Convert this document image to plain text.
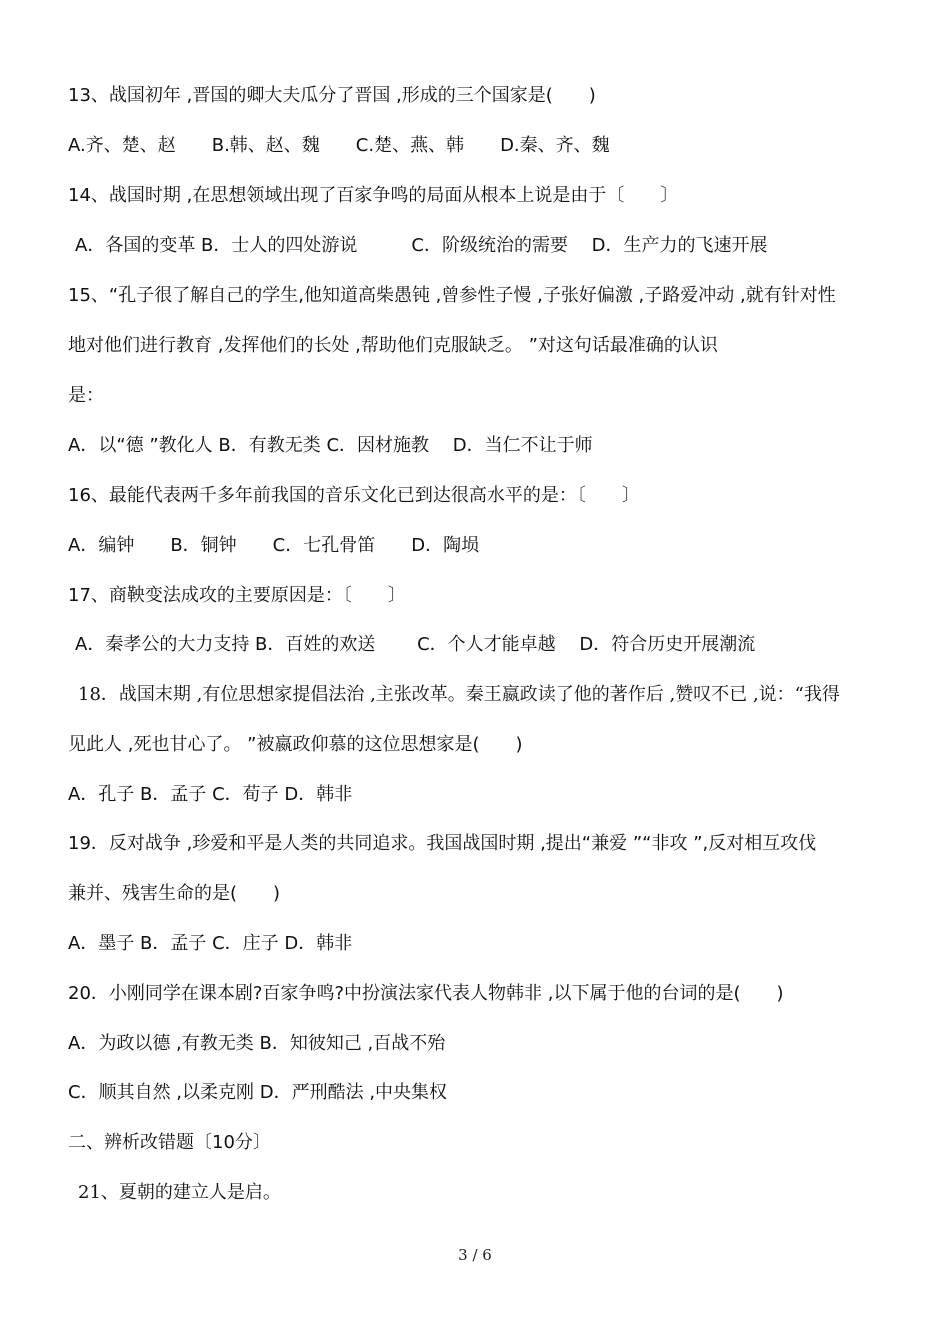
13、战国初年 ,晋国的卿大夫瓜分了晋国 ,形成的三个国家是(　　)
A.齐、楚、赵　　B.韩、赵、魏　　C.楚、燕、韩　　D.秦、齐、魏
14、战国时期 ,在思想领域出现了百家争鸣的局面从根本上说是由于〔　　〕
A．各国的变革 B．士人的四处游说　　　C．阶级统治的需要　 D．生产力的飞速开展
15、“孔子很了解自己的学生,他知道高柴愚钝 ,曾参性子慢 ,子张好偏激 ,子路爱冲动 ,就有针对性
地对他们进行教育 ,发挥他们的长处 ,帮助他们克服缺乏。 ”对这句话最准确的认识
是：
A．以“德 ”教化人 B．有教无类 C．因材施教　 D．当仁不让于师
16、最能代表两千多年前我国的音乐文化已到达很高水平的是：〔　　〕
A．编钟　　B．铜钟　　C．七孔骨笛　　D．陶埙
17、商鞅变法成攻的主要原因是：〔　　〕
A．秦孝公的大力支持 B．百姓的欢送　　 C．个人才能卓越　 D．符合历史开展潮流
18．战国末期 ,有位思想家提倡法治 ,主张改革。秦王嬴政读了他的著作后 ,赞叹不已 ,说：“我得
见此人 ,死也甘心了。 ”被嬴政仰慕的这位思想家是(　　)
A．孔子 B．孟子 C．荀子 D．韩非
19．反对战争 ,珍爱和平是人类的共同追求。我国战国时期 ,提出“兼爱 ”“非攻 ”,反对相互攻伐
兼并、残害生命的是(　　)
A．墨子 B．孟子 C．庄子 D．韩非
20．小刚同学在课本剧?百家争鸣?中扮演法家代表人物韩非 ,以下属于他的台词的是(　　)
A．为政以德 ,有教无类 B．知彼知己 ,百战不殆
C．顺其自然 ,以柔克刚 D．严刑酷法 ,中央集权
二、辨析改错题〔10分〕
21、夏朝的建立人是启。
3 / 6
